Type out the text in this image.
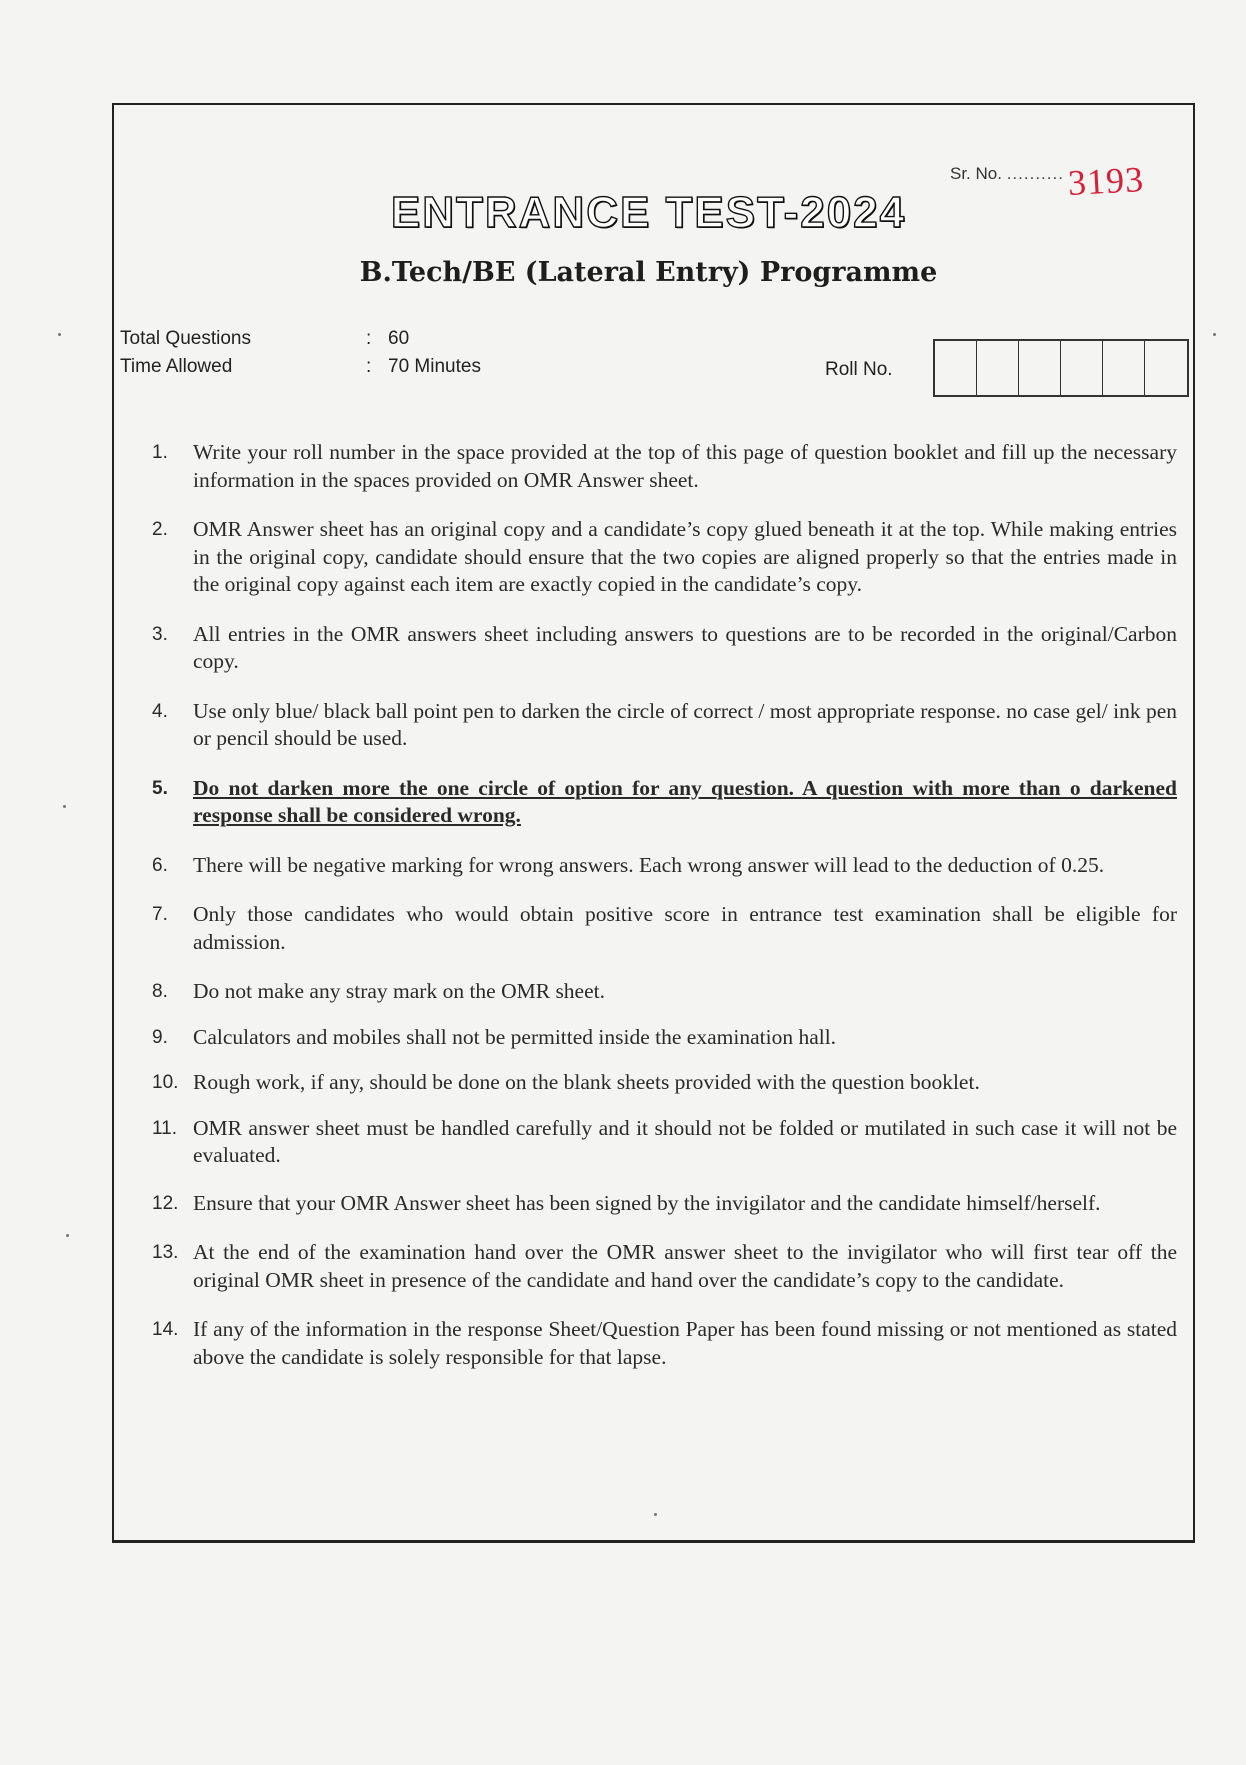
Sr. No. .......... 3193
ENTRANCE TEST-2024
B.Tech/BE (Lateral Entry) Programme
Total Questions	: 60
Time Allowed	: 70 Minutes	Roll No.
1. Write your roll number in the space provided at the top of this page of question booklet and fill up the necessary information in the spaces provided on OMR Answer sheet.
2. OMR Answer sheet has an original copy and a candidate’s copy glued beneath it at the top. While making entries in the original copy, candidate should ensure that the two copies are aligned properly so that the entries made in the original copy against each item are exactly copied in the candidate’s copy.
3. All entries in the OMR answers sheet including answers to questions are to be recorded in the original/Carbon copy.
4. Use only blue/ black ball point pen to darken the circle of correct / most appropriate response. no case gel/ ink pen or pencil should be used.
5. Do not darken more the one circle of option for any question. A question with more than o darkened response shall be considered wrong.
6. There will be negative marking for wrong answers. Each wrong answer will lead to the deduction of 0.25.
7. Only those candidates who would obtain positive score in entrance test examination shall be eligible for admission.
8. Do not make any stray mark on the OMR sheet.
9. Calculators and mobiles shall not be permitted inside the examination hall.
10. Rough work, if any, should be done on the blank sheets provided with the question booklet.
11. OMR answer sheet must be handled carefully and it should not be folded or mutilated in such case it will not be evaluated.
12. Ensure that your OMR Answer sheet has been signed by the invigilator and the candidate himself/herself.
13. At the end of the examination hand over the OMR answer sheet to the invigilator who will first tear off the original OMR sheet in presence of the candidate and hand over the candidate’s copy to the candidate.
14. If any of the information in the response Sheet/Question Paper has been found missing or not mentioned as stated above the candidate is solely responsible for that lapse.
